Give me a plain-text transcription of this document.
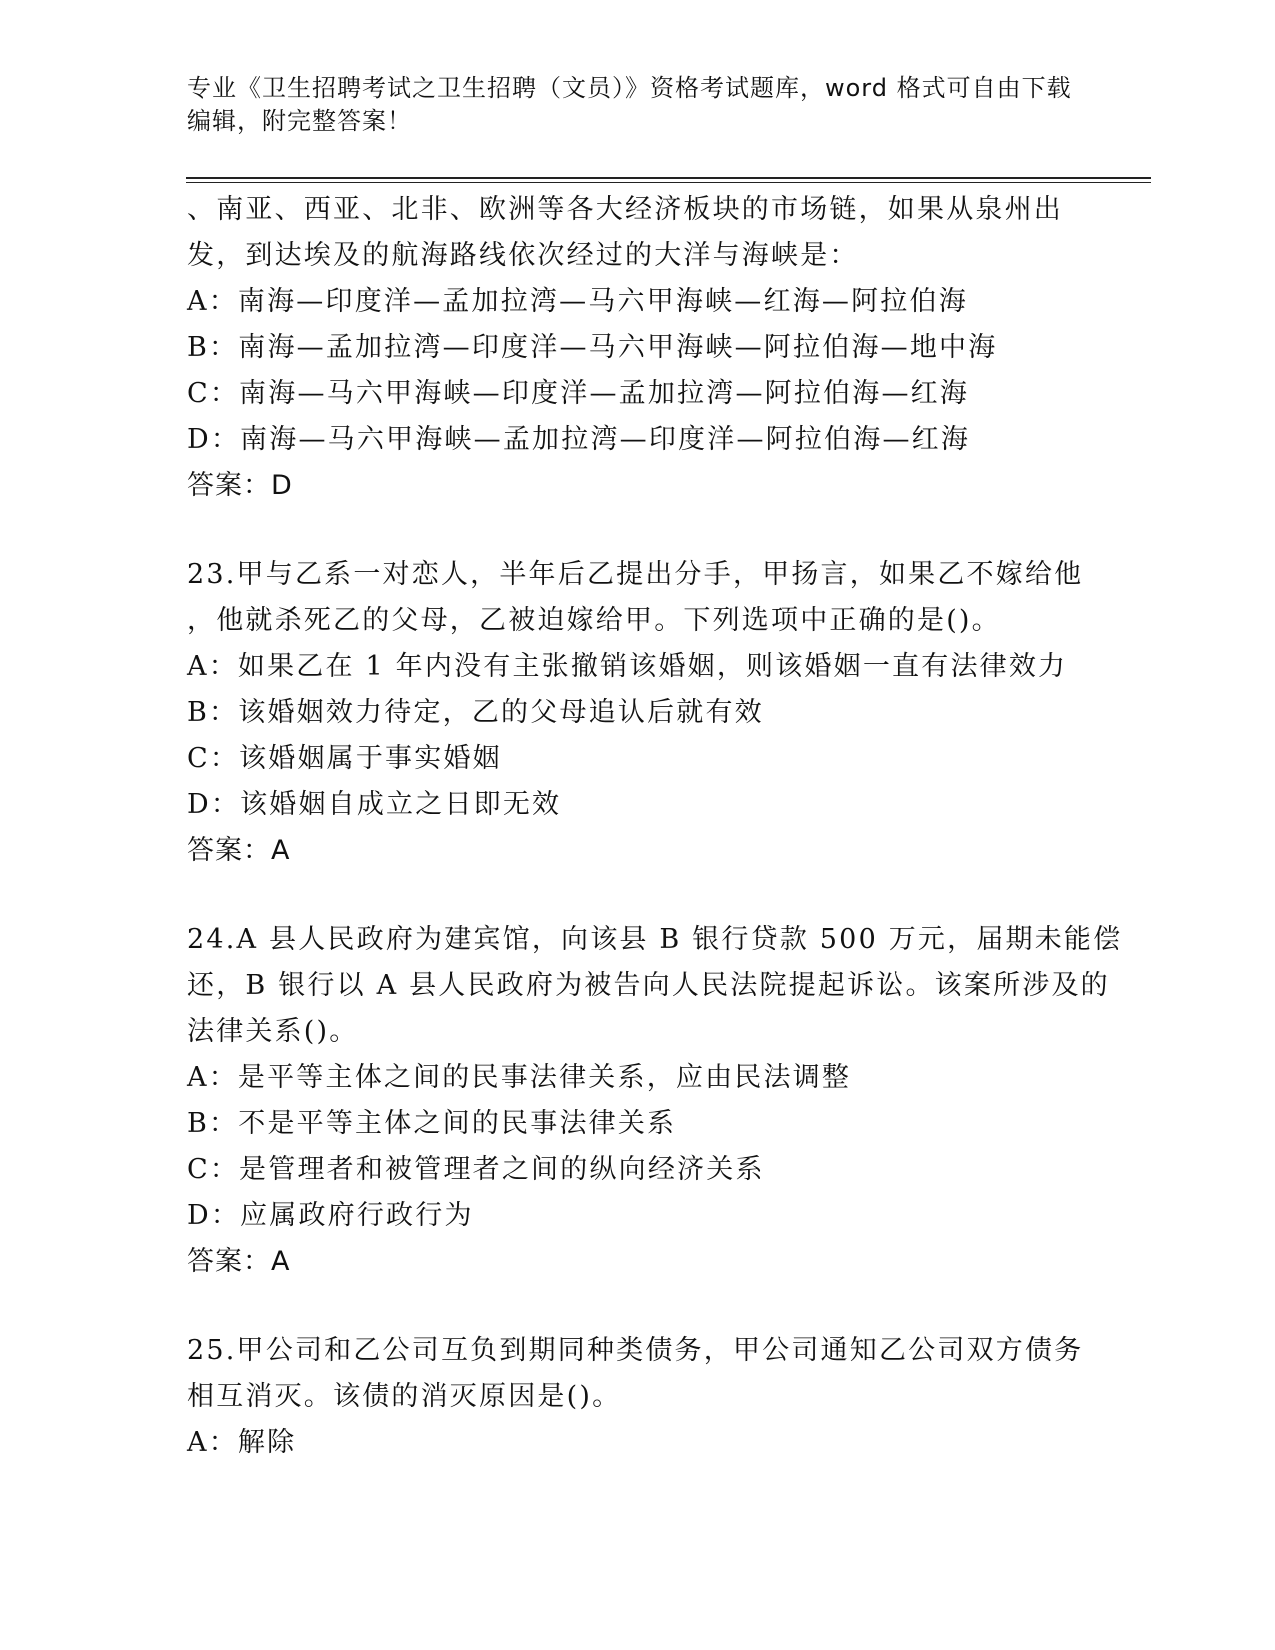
专业《卫生招聘考试之卫生招聘（文员）》资格考试题库，word 格式可自由下载
编辑，附完整答案！
、南亚、西亚、北非、欧洲等各大经济板块的市场链，如果从泉州出
发，到达埃及的航海路线依次经过的大洋与海峡是：
A：南海—印度洋—孟加拉湾—马六甲海峡—红海—阿拉伯海
B：南海—孟加拉湾—印度洋—马六甲海峡—阿拉伯海—地中海
C：南海—马六甲海峡—印度洋—孟加拉湾—阿拉伯海—红海
D：南海—马六甲海峡—孟加拉湾—印度洋—阿拉伯海—红海
答案：D
23.甲与乙系一对恋人，半年后乙提出分手，甲扬言，如果乙不嫁给他
，他就杀死乙的父母，乙被迫嫁给甲。下列选项中正确的是()。
A：如果乙在 1 年内没有主张撤销该婚姻，则该婚姻一直有法律效力
B：该婚姻效力待定，乙的父母追认后就有效
C：该婚姻属于事实婚姻
D：该婚姻自成立之日即无效
答案：A
24.A 县人民政府为建宾馆，向该县 B 银行贷款 500 万元，届期未能偿
还，B 银行以 A 县人民政府为被告向人民法院提起诉讼。该案所涉及的
法律关系()。
A：是平等主体之间的民事法律关系，应由民法调整
B：不是平等主体之间的民事法律关系
C：是管理者和被管理者之间的纵向经济关系
D：应属政府行政行为
答案：A
25.甲公司和乙公司互负到期同种类债务，甲公司通知乙公司双方债务
相互消灭。该债的消灭原因是()。
A：解除
